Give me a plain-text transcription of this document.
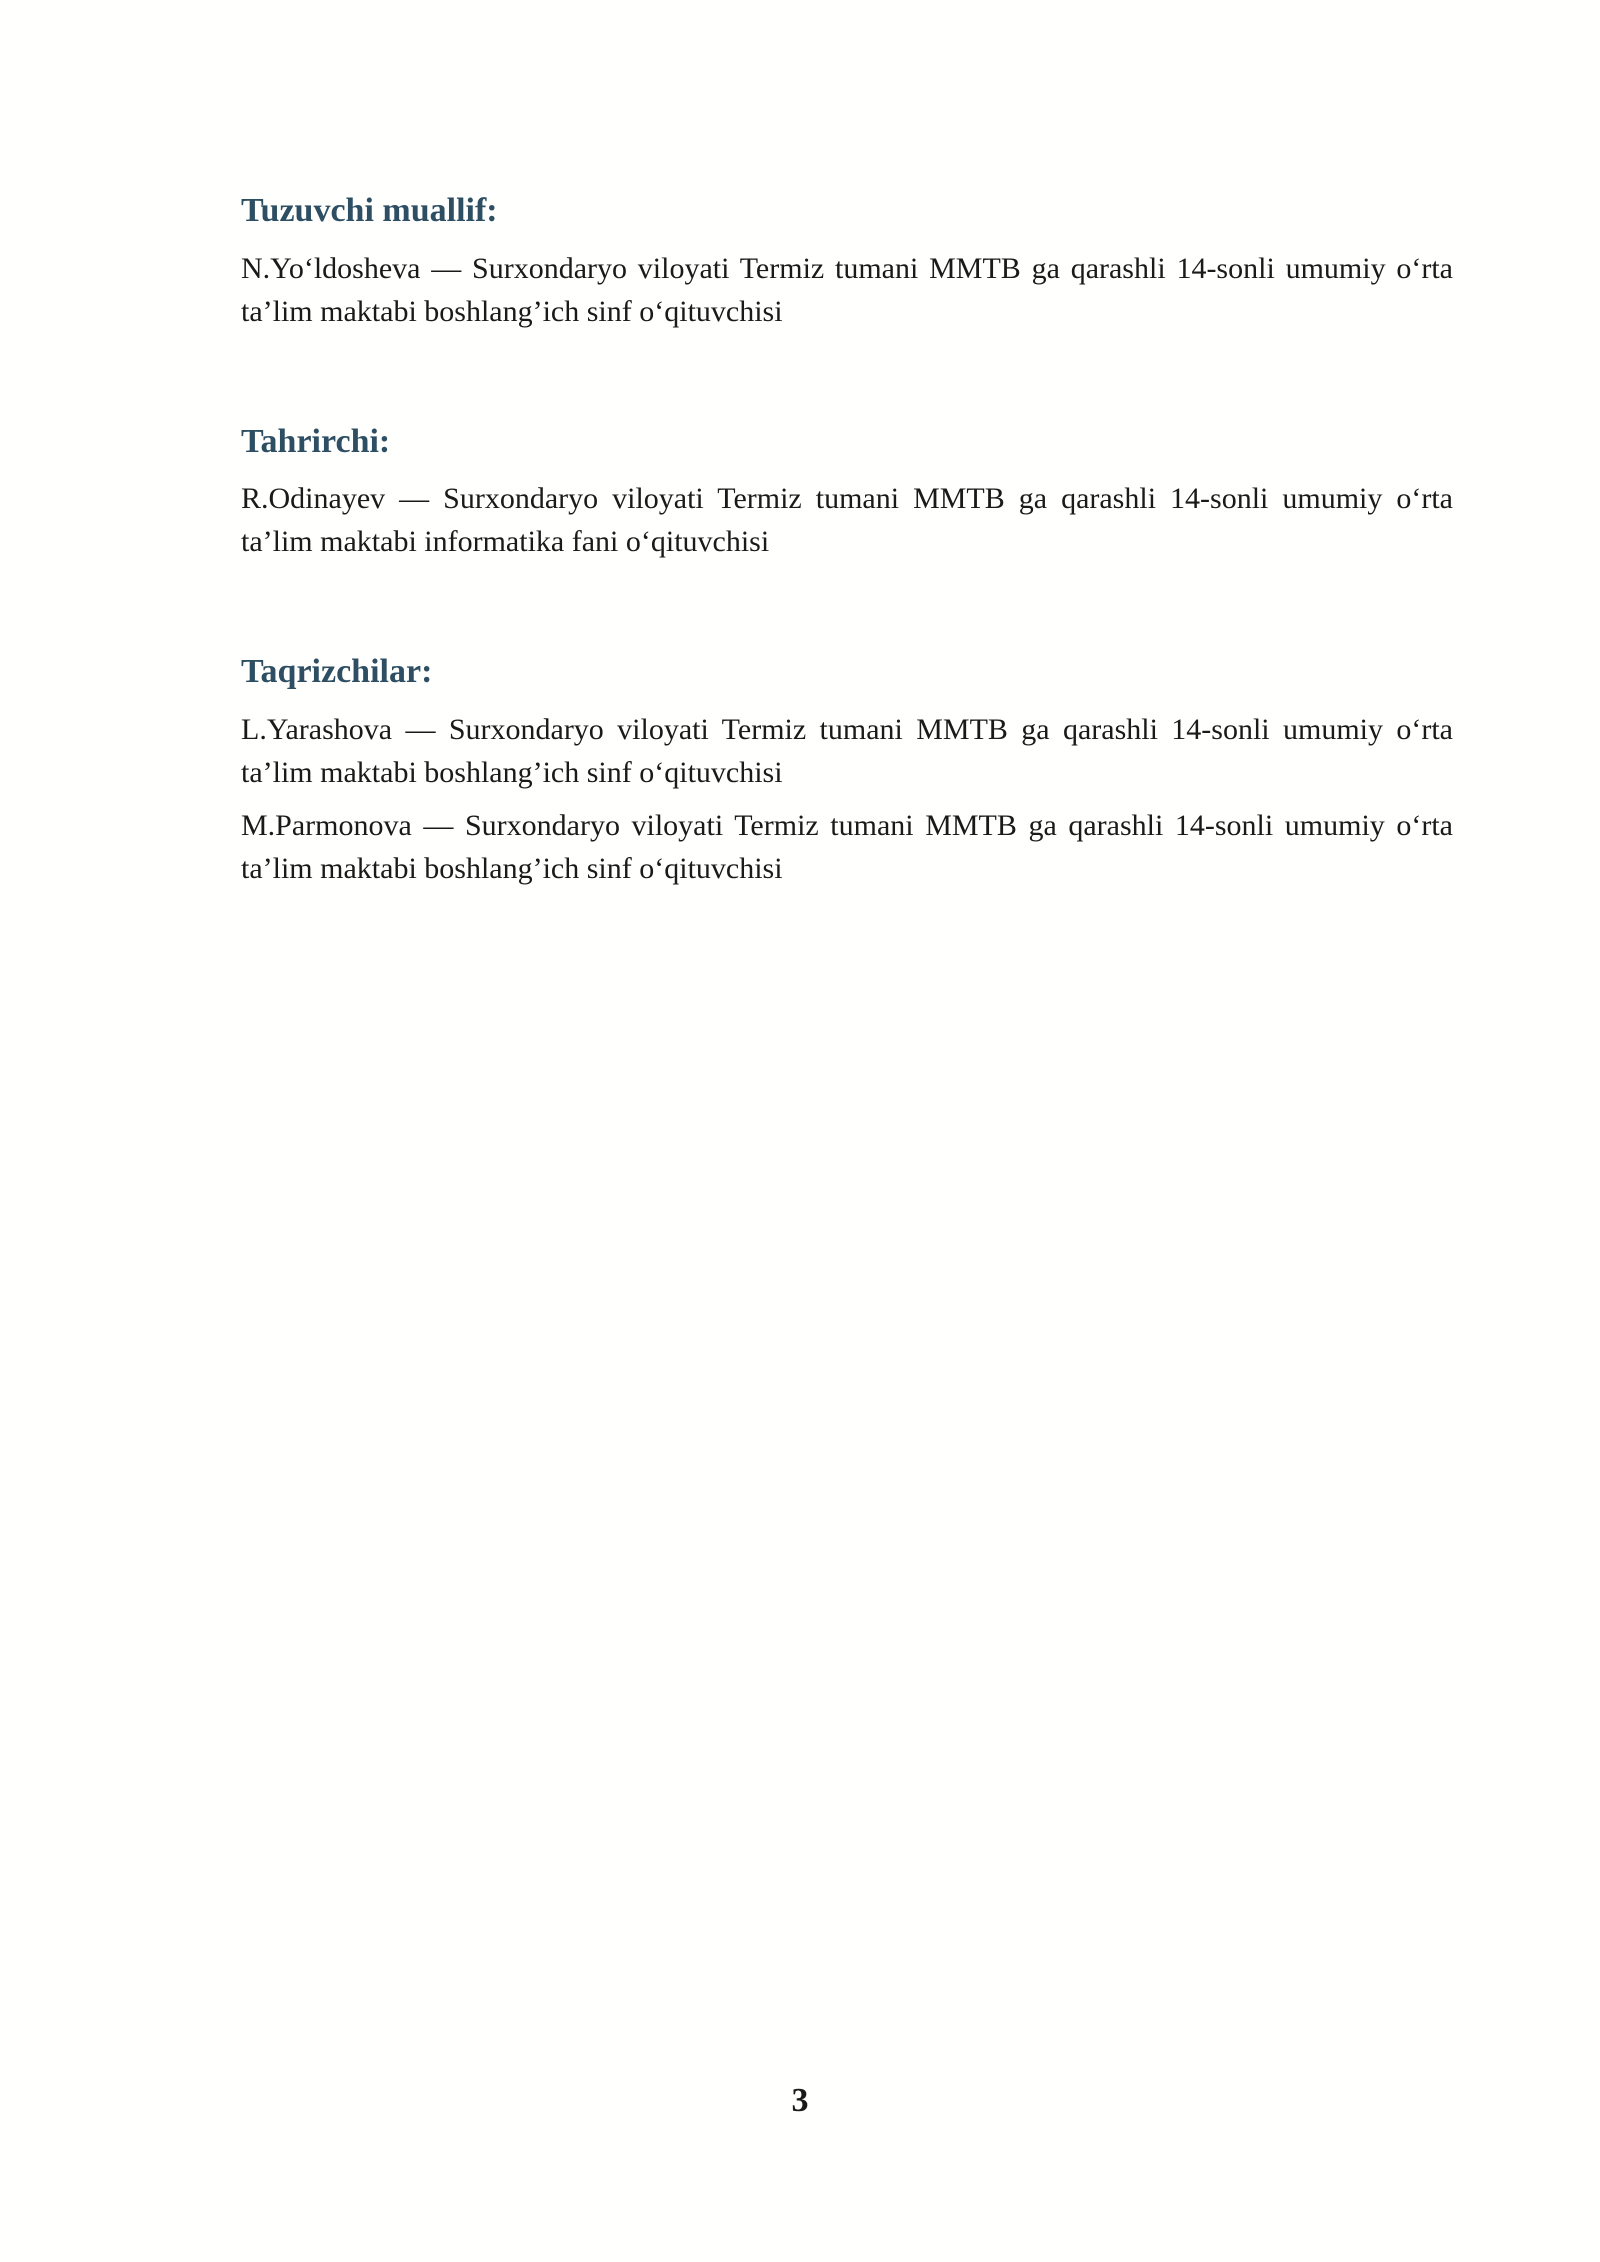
Tuzuvchi muallif:

N.Yo‘ldosheva — Surxondaryo viloyati Termiz tumani MMTB ga qarashli 14-sonli umumiy o‘rta ta’lim maktabi boshlang’ich sinf o‘qituvchisi

Tahrirchi:

R.Odinayev — Surxondaryo viloyati Termiz tumani MMTB ga qarashli 14-sonli umumiy o‘rta ta’lim maktabi informatika fani o‘qituvchisi

Taqrizchilar:

L.Yarashova — Surxondaryo viloyati Termiz tumani MMTB ga qarashli 14-sonli umumiy o‘rta ta’lim maktabi boshlang’ich sinf o‘qituvchisi

M.Parmonova — Surxondaryo viloyati Termiz tumani MMTB ga qarashli 14-sonli umumiy o‘rta ta’lim maktabi boshlang’ich sinf o‘qituvchisi

3
